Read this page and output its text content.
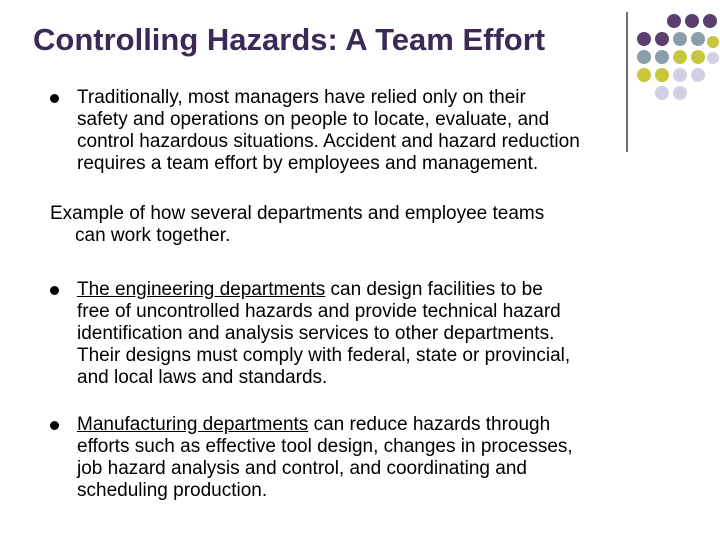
Controlling Hazards: A Team Effort
Traditionally, most managers have relied only on their
safety and operations on people to locate, evaluate, and
control hazardous situations. Accident and hazard reduction
requires a team effort by employees and management.
Example of how several departments and employee teams
can work together.
The engineering departments can design facilities to be
free of uncontrolled hazards and provide technical hazard
identification and analysis services to other departments.
Their designs must comply with federal, state or provincial,
and local laws and standards.
Manufacturing departments can reduce hazards through
efforts such as effective tool design, changes in processes,
job hazard analysis and control, and coordinating and
scheduling production.
